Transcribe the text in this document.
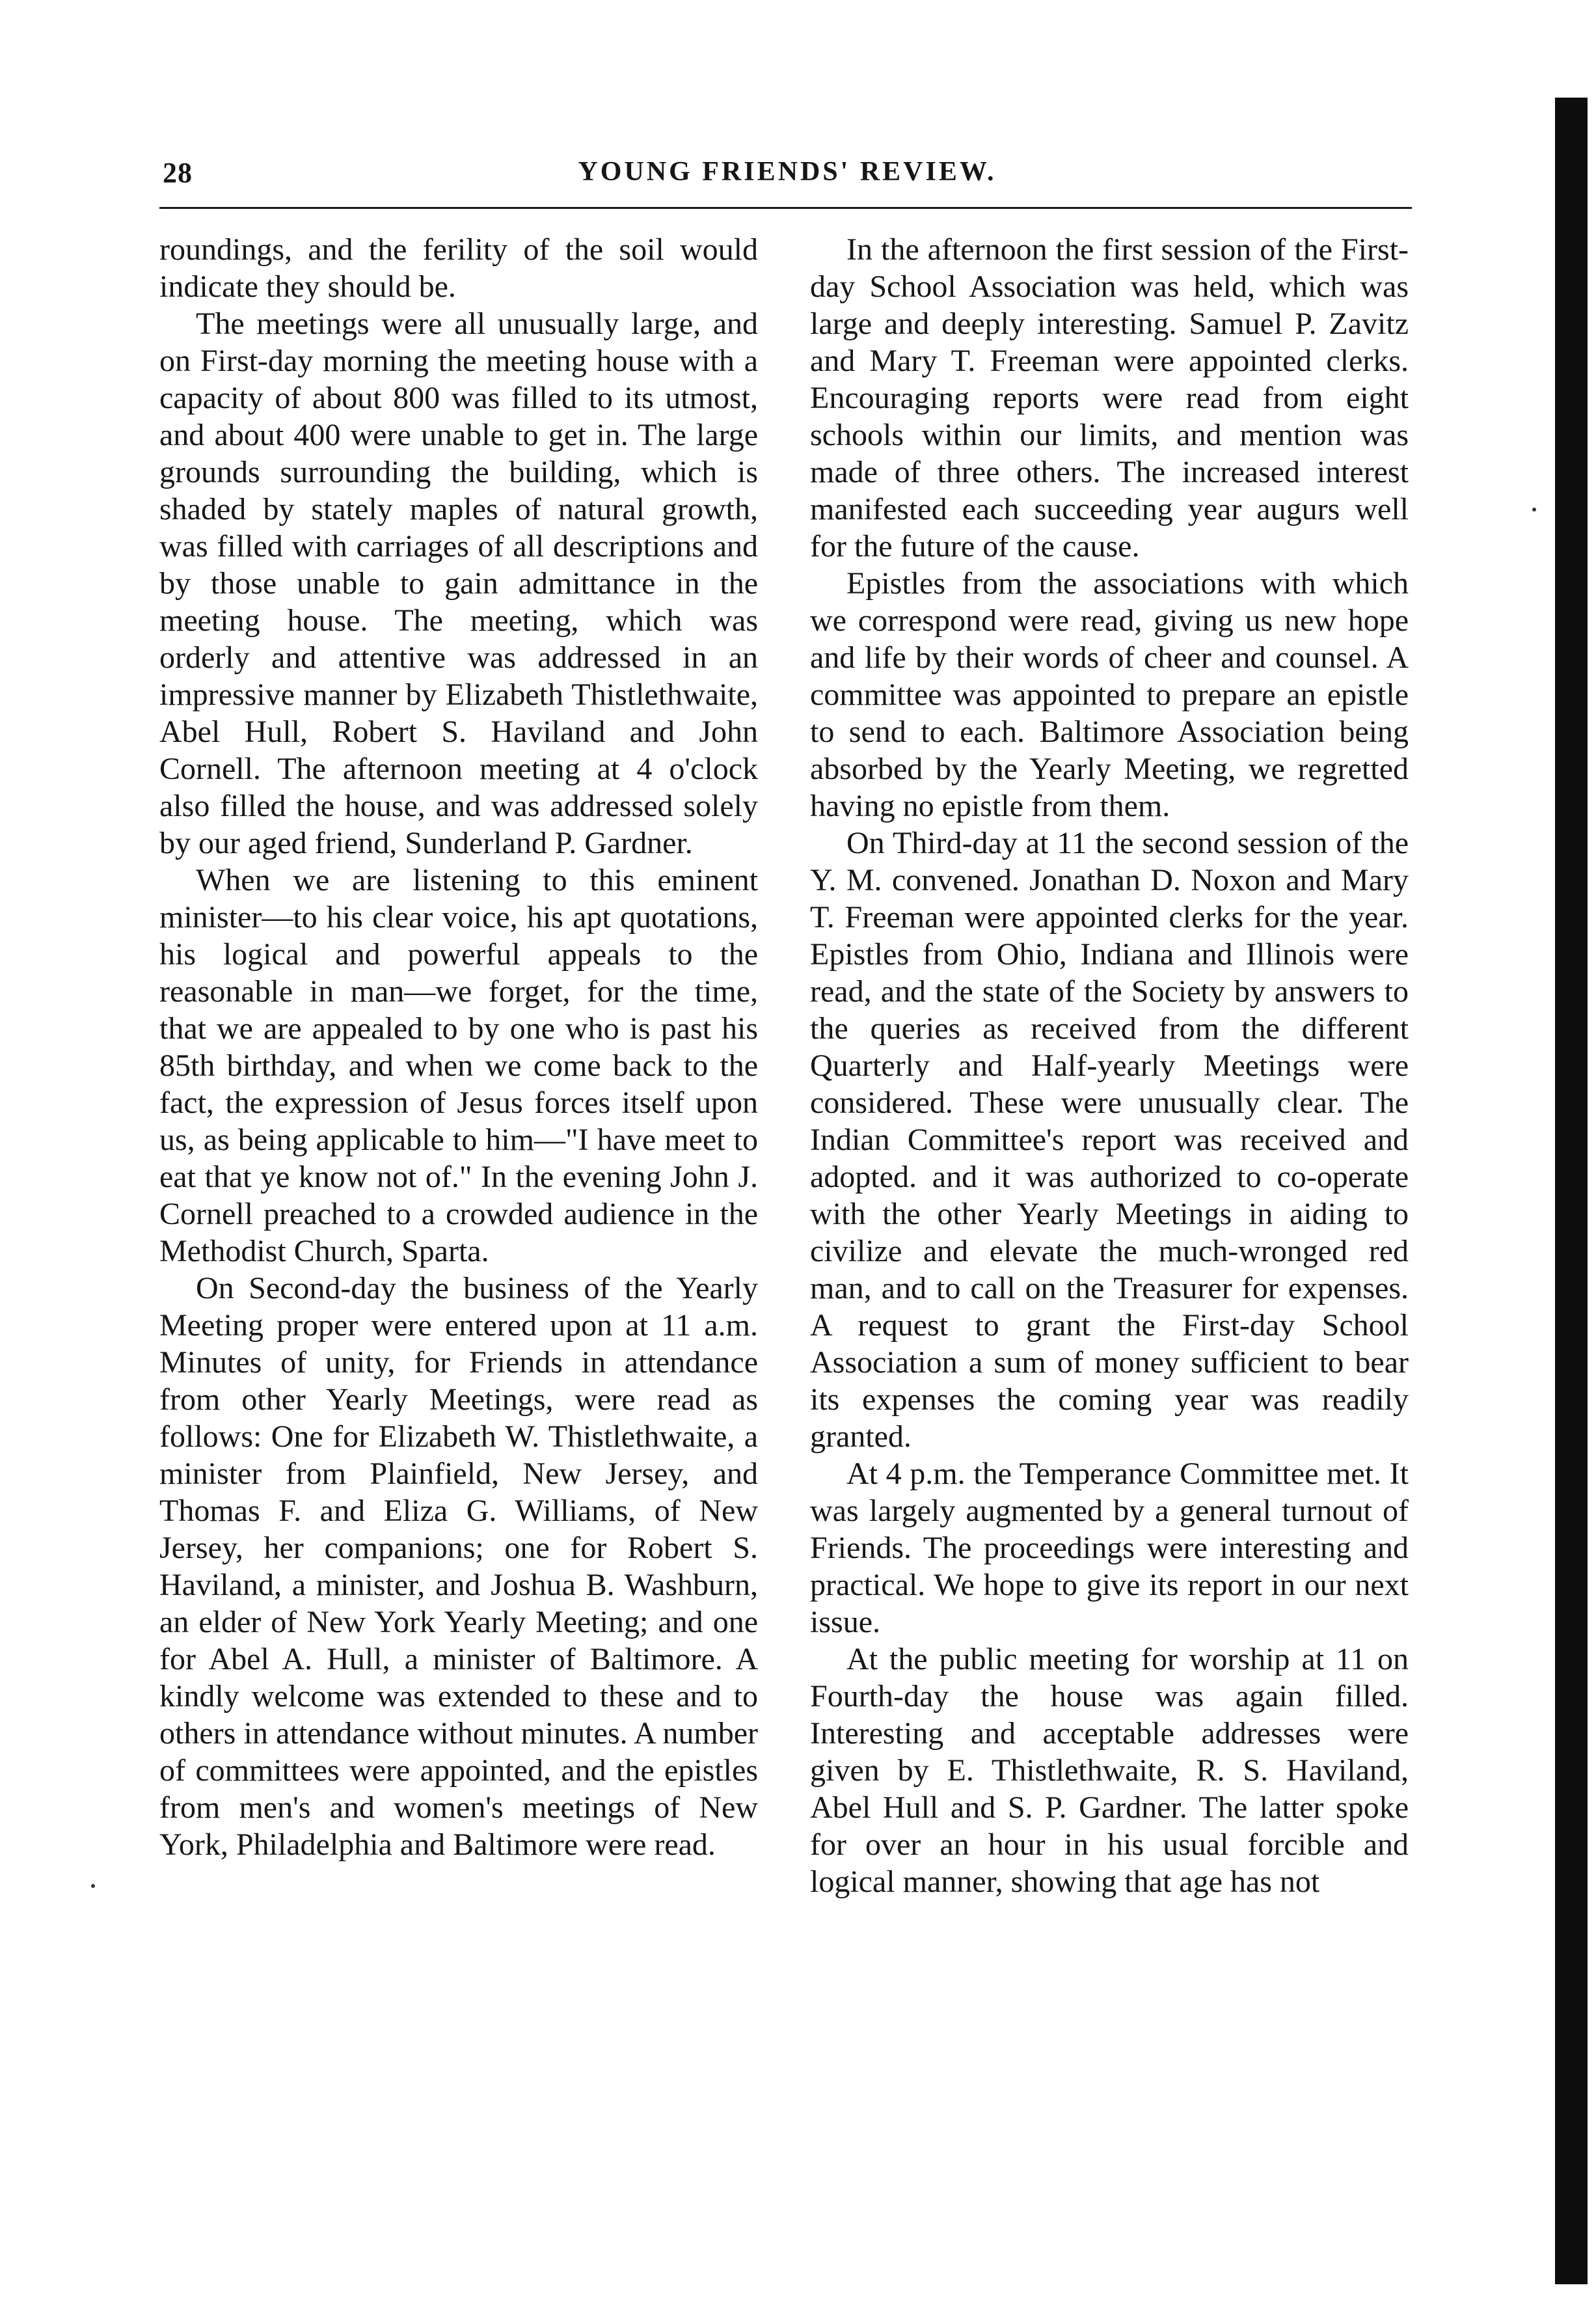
28	YOUNG FRIENDS' REVIEW.

roundings, and the ferility of the soil would indicate they should be.

The meetings were all unusually large, and on First-day morning the meeting house with a capacity of about 800 was filled to its utmost, and about 400 were unable to get in. The large grounds surrounding the building, which is shaded by stately maples of natural growth, was filled with carriages of all descriptions and by those unable to gain admittance in the meeting house. The meeting, which was orderly and attentive was addressed in an impressive manner by Elizabeth Thistlethwaite, Abel Hull, Robert S. Haviland and John Cornell. The afternoon meeting at 4 o'clock also filled the house, and was addressed solely by our aged friend, Sunderland P. Gardner.

When we are listening to this eminent minister—to his clear voice, his apt quotations, his logical and powerful appeals to the reasonable in man—we forget, for the time, that we are appealed to by one who is past his 85th birthday, and when we come back to the fact, the expression of Jesus forces itself upon us, as being applicable to him—"I have meet to eat that ye know not of." In the evening John J. Cornell preached to a crowded audience in the Methodist Church, Sparta.

On Second-day the business of the Yearly Meeting proper were entered upon at 11 a.m. Minutes of unity, for Friends in attendance from other Yearly Meetings, were read as follows: One for Elizabeth W. Thistlethwaite, a minister from Plainfield, New Jersey, and Thomas F. and Eliza G. Williams, of New Jersey, her companions; one for Robert S. Haviland, a minister, and Joshua B. Washburn, an elder of New York Yearly Meeting; and one for Abel A. Hull, a minister of Baltimore. A kindly welcome was extended to these and to others in attendance without minutes. A number of committees were appointed, and the epistles from men's and women's meetings of New York, Philadelphia and Baltimore were read.

In the afternoon the first session of the First-day School Association was held, which was large and deeply interesting. Samuel P. Zavitz and Mary T. Freeman were appointed clerks. Encouraging reports were read from eight schools within our limits, and mention was made of three others. The increased interest manifested each succeeding year augurs well for the future of the cause.

Epistles from the associations with which we correspond were read, giving us new hope and life by their words of cheer and counsel. A committee was appointed to prepare an epistle to send to each. Baltimore Association being absorbed by the Yearly Meeting, we regretted having no epistle from them.

On Third-day at 11 the second session of the Y. M. convened. Jonathan D. Noxon and Mary T. Freeman were appointed clerks for the year. Epistles from Ohio, Indiana and Illinois were read, and the state of the Society by answers to the queries as received from the different Quarterly and Half-yearly Meetings were considered. These were unusually clear. The Indian Committee's report was received and adopted. and it was authorized to co-operate with the other Yearly Meetings in aiding to civilize and elevate the much-wronged red man, and to call on the Treasurer for expenses. A request to grant the First-day School Association a sum of money sufficient to bear its expenses the coming year was readily granted.

At 4 p.m. the Temperance Committee met. It was largely augmented by a general turnout of Friends. The proceedings were interesting and practical. We hope to give its report in our next issue.

At the public meeting for worship at 11 on Fourth-day the house was again filled. Interesting and acceptable addresses were given by E. Thistlethwaite, R. S. Haviland, Abel Hull and S. P. Gardner. The latter spoke for over an hour in his usual forcible and logical manner, showing that age has not
